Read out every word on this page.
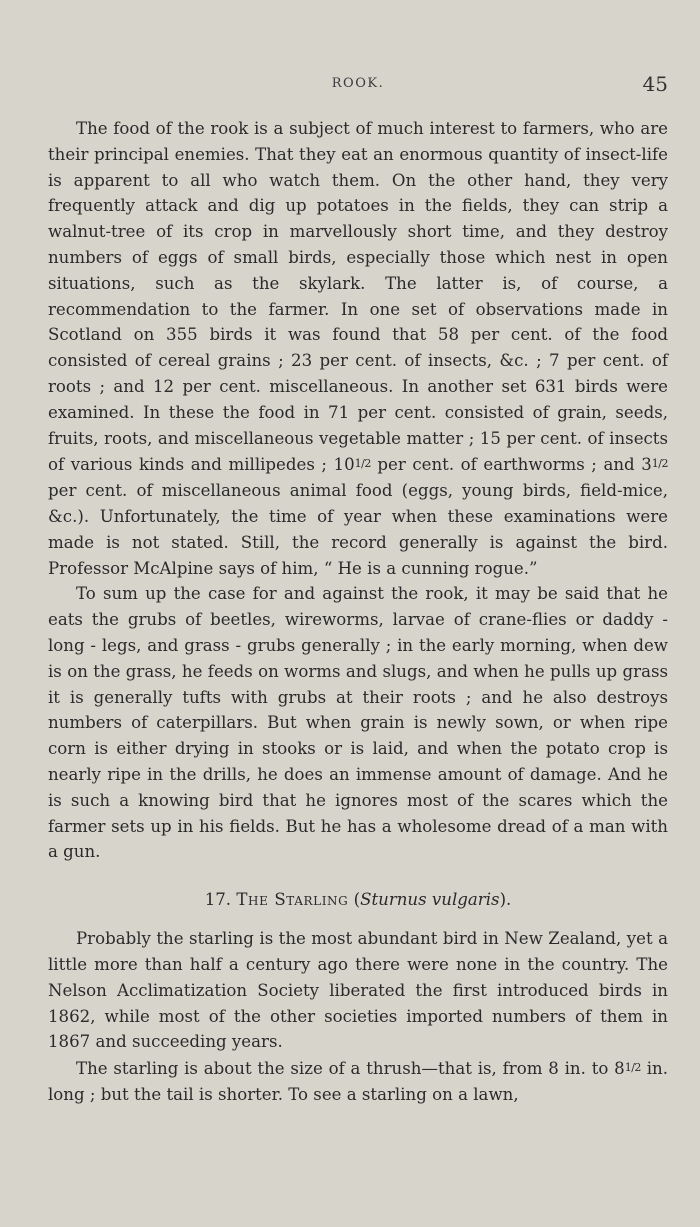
ROOK.	45

The food of the rook is a subject of much interest to farmers, who are their principal enemies. That they eat an enormous quantity of insect-life is apparent to all who watch them. On the other hand, they very frequently attack and dig up potatoes in the fields, they can strip a walnut-tree of its crop in marvellously short time, and they destroy numbers of eggs of small birds, especially those which nest in open situations, such as the skylark. The latter is, of course, a recommendation to the farmer. In one set of observations made in Scotland on 355 birds it was found that 58 per cent. of the food consisted of cereal grains ; 23 per cent. of insects, &c. ; 7 per cent. of roots ; and 12 per cent. miscellaneous. In another set 631 birds were examined. In these the food in 71 per cent. consisted of grain, seeds, fruits, roots, and miscellaneous vegetable matter ; 15 per cent. of insects of various kinds and millipedes ; 101/2 per cent. of earthworms ; and 31/2 per cent. of miscellaneous animal food (eggs, young birds, field-mice, &c.). Unfortunately, the time of year when these examinations were made is not stated. Still, the record generally is against the bird. Professor McAlpine says of him, “ He is a cunning rogue.”

To sum up the case for and against the rook, it may be said that he eats the grubs of beetles, wireworms, larvae of crane-flies or daddy - long - legs, and grass - grubs generally ; in the early morning, when dew is on the grass, he feeds on worms and slugs, and when he pulls up grass it is generally tufts with grubs at their roots ; and he also destroys numbers of caterpillars. But when grain is newly sown, or when ripe corn is either drying in stooks or is laid, and when the potato crop is nearly ripe in the drills, he does an immense amount of damage. And he is such a knowing bird that he ignores most of the scares which the farmer sets up in his fields. But he has a wholesome dread of a man with a gun.

17. The Starling (Sturnus vulgaris).

Probably the starling is the most abundant bird in New Zealand, yet a little more than half a century ago there were none in the country. The Nelson Acclimatization Society liberated the first introduced birds in 1862, while most of the other societies imported numbers of them in 1867 and succeeding years.

The starling is about the size of a thrush—that is, from 8 in. to 81/2 in. long ; but the tail is shorter. To see a starling on a lawn,
